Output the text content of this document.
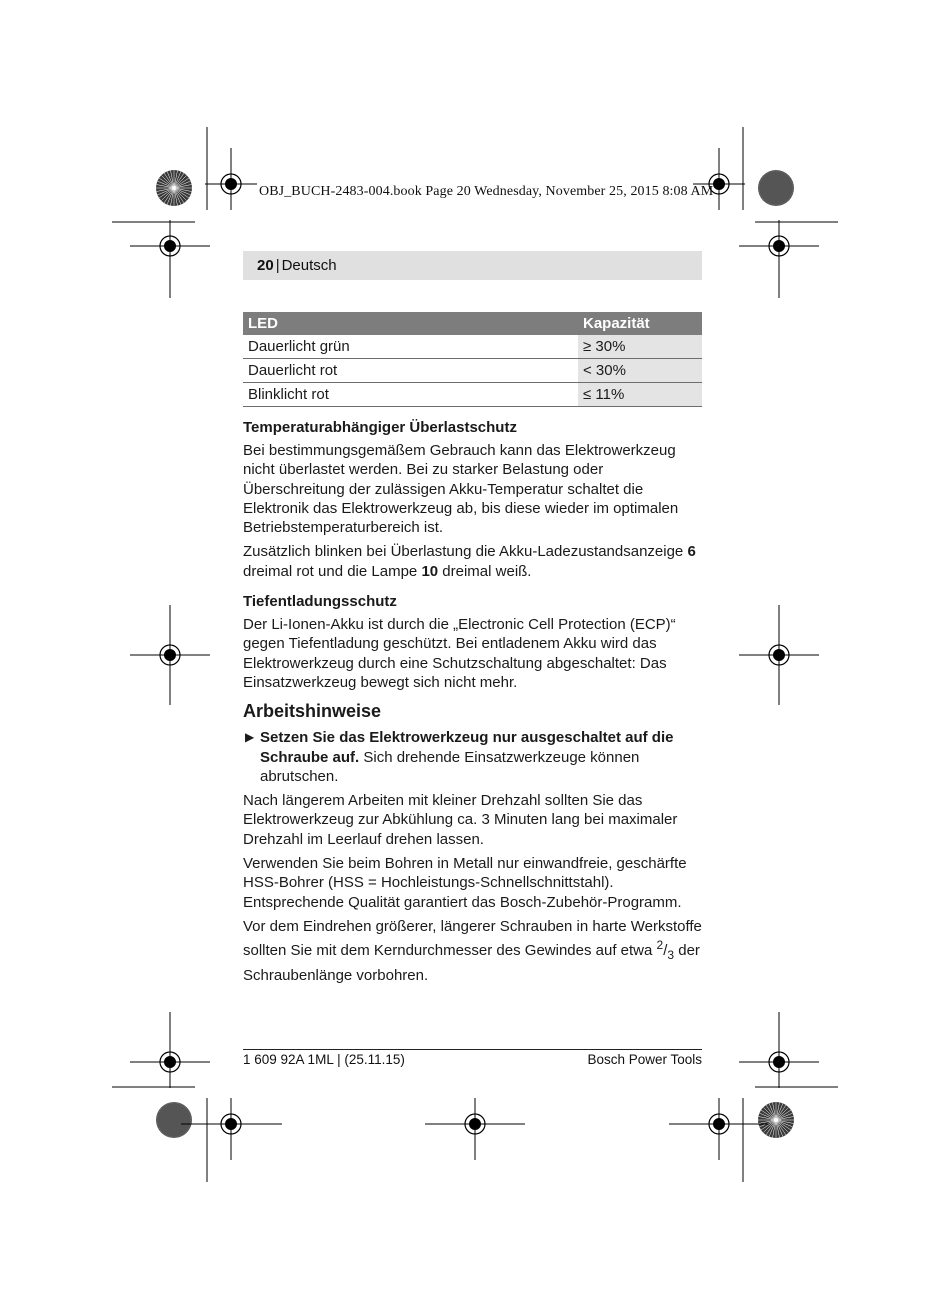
OBJ_BUCH-2483-004.book Page 20 Wednesday, November 25, 2015 8:08 AM
20 | Deutsch
LED	Kapazität
Dauerlicht grün	≥ 30%
Dauerlicht rot	< 30%
Blinklicht rot	≤ 11%
Temperaturabhängiger Überlastschutz

Bei bestimmungsgemäßem Gebrauch kann das Elektrowerkzeug nicht überlastet werden. Bei zu starker Belastung oder Überschreitung der zulässigen Akku-Temperatur schaltet die Elektronik das Elektrowerkzeug ab, bis diese wieder im optimalen Betriebstemperaturbereich ist.

Zusätzlich blinken bei Überlastung die Akku-Ladezustandsanzeige 6 dreimal rot und die Lampe 10 dreimal weiß.

Tiefentladungsschutz

Der Li-Ionen-Akku ist durch die „Electronic Cell Protection (ECP)“ gegen Tiefentladung geschützt. Bei entladenem Akku wird das Elektrowerkzeug durch eine Schutzschaltung abgeschaltet: Das Einsatzwerkzeug bewegt sich nicht mehr.

Arbeitshinweise
▶ Setzen Sie das Elektrowerkzeug nur ausgeschaltet auf die Schraube auf. Sich drehende Einsatzwerkzeuge können abrutschen.

Nach längerem Arbeiten mit kleiner Drehzahl sollten Sie das Elektrowerkzeug zur Abkühlung ca. 3 Minuten lang bei maximaler Drehzahl im Leerlauf drehen lassen.

Verwenden Sie beim Bohren in Metall nur einwandfreie, geschärfte HSS-Bohrer (HSS = Hochleistungs-Schnellschnittstahl). Entsprechende Qualität garantiert das Bosch-Zubehör-Programm.

Vor dem Eindrehen größerer, längerer Schrauben in harte Werkstoffe sollten Sie mit dem Kerndurchmesser des Gewindes auf etwa $^2/_3$ der Schraubenlänge vorbohren.

1 609 92A 1ML | (25.11.15)	Bosch Power Tools
